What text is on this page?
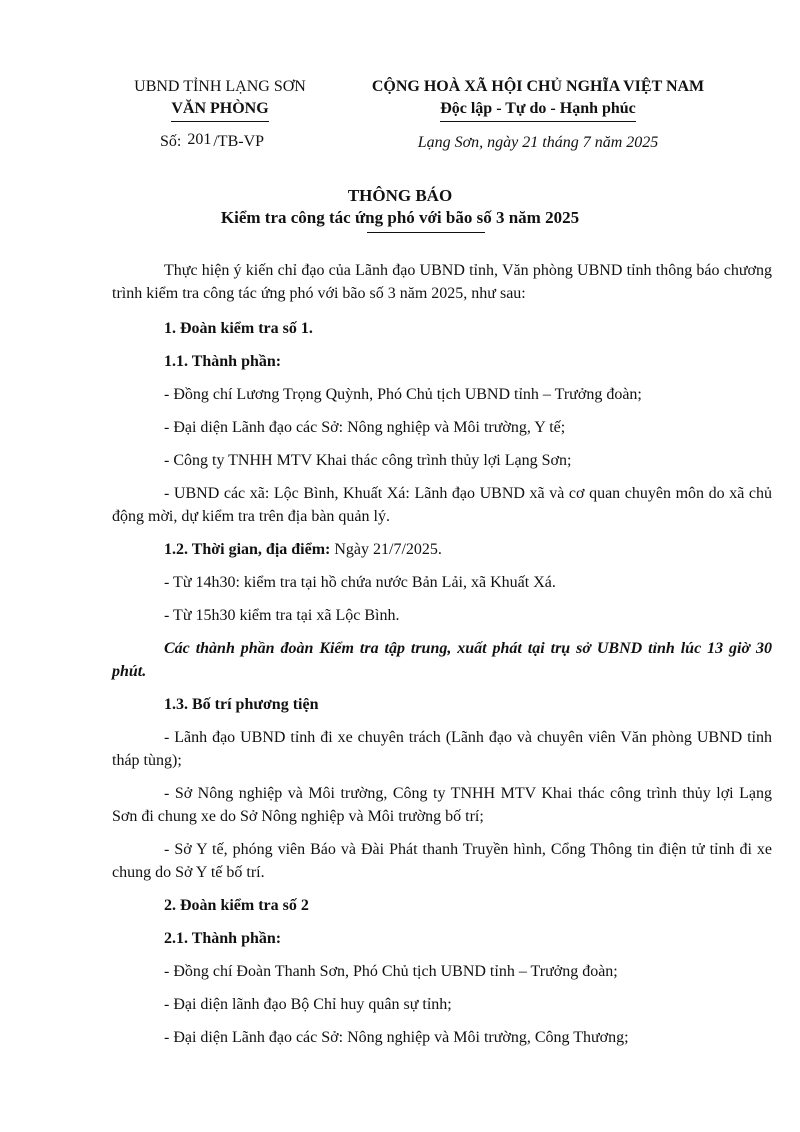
UBND TỈNH LẠNG SƠN
VĂN PHÒNG
CỘNG HOÀ XÃ HỘI CHỦ NGHĨA VIỆT NAM
Độc lập - Tự do - Hạnh phúc
Số: 201 /TB-VP	Lạng Sơn, ngày 21 tháng 7 năm 2025
THÔNG BÁO
Kiểm tra công tác ứng phó với bão số 3 năm 2025

Thực hiện ý kiến chỉ đạo của Lãnh đạo UBND tỉnh, Văn phòng UBND tỉnh thông báo chương trình kiểm tra công tác ứng phó với bão số 3 năm 2025, như sau:

1. Đoàn kiểm tra số 1.

1.1. Thành phần:

- Đồng chí Lương Trọng Quỳnh, Phó Chủ tịch UBND tỉnh – Trưởng đoàn;

- Đại diện Lãnh đạo các Sở: Nông nghiệp và Môi trường, Y tế;

- Công ty TNHH MTV Khai thác công trình thủy lợi Lạng Sơn;

- UBND các xã: Lộc Bình, Khuất Xá: Lãnh đạo UBND xã và cơ quan chuyên môn do xã chủ động mời, dự kiểm tra trên địa bàn quản lý.

1.2. Thời gian, địa điểm: Ngày 21/7/2025.

- Từ 14h30: kiểm tra tại hồ chứa nước Bản Lải, xã Khuất Xá.

- Từ 15h30 kiểm tra tại xã Lộc Bình.

Các thành phần đoàn Kiểm tra tập trung, xuất phát tại trụ sở UBND tỉnh lúc 13 giờ 30 phút.

1.3. Bố trí phương tiện

- Lãnh đạo UBND tỉnh đi xe chuyên trách (Lãnh đạo và chuyên viên Văn phòng UBND tỉnh tháp tùng);

- Sở Nông nghiệp và Môi trường, Công ty TNHH MTV Khai thác công trình thủy lợi Lạng Sơn đi chung xe do Sở Nông nghiệp và Môi trường bố trí;

- Sở Y tế, phóng viên Báo và Đài Phát thanh Truyền hình, Cổng Thông tin điện tử tỉnh đi xe chung do Sở Y tế bố trí.

2. Đoàn kiểm tra số 2

2.1. Thành phần:

- Đồng chí Đoàn Thanh Sơn, Phó Chủ tịch UBND tỉnh – Trưởng đoàn;

- Đại diện lãnh đạo Bộ Chỉ huy quân sự tỉnh;

- Đại diện Lãnh đạo các Sở: Nông nghiệp và Môi trường, Công Thương;
